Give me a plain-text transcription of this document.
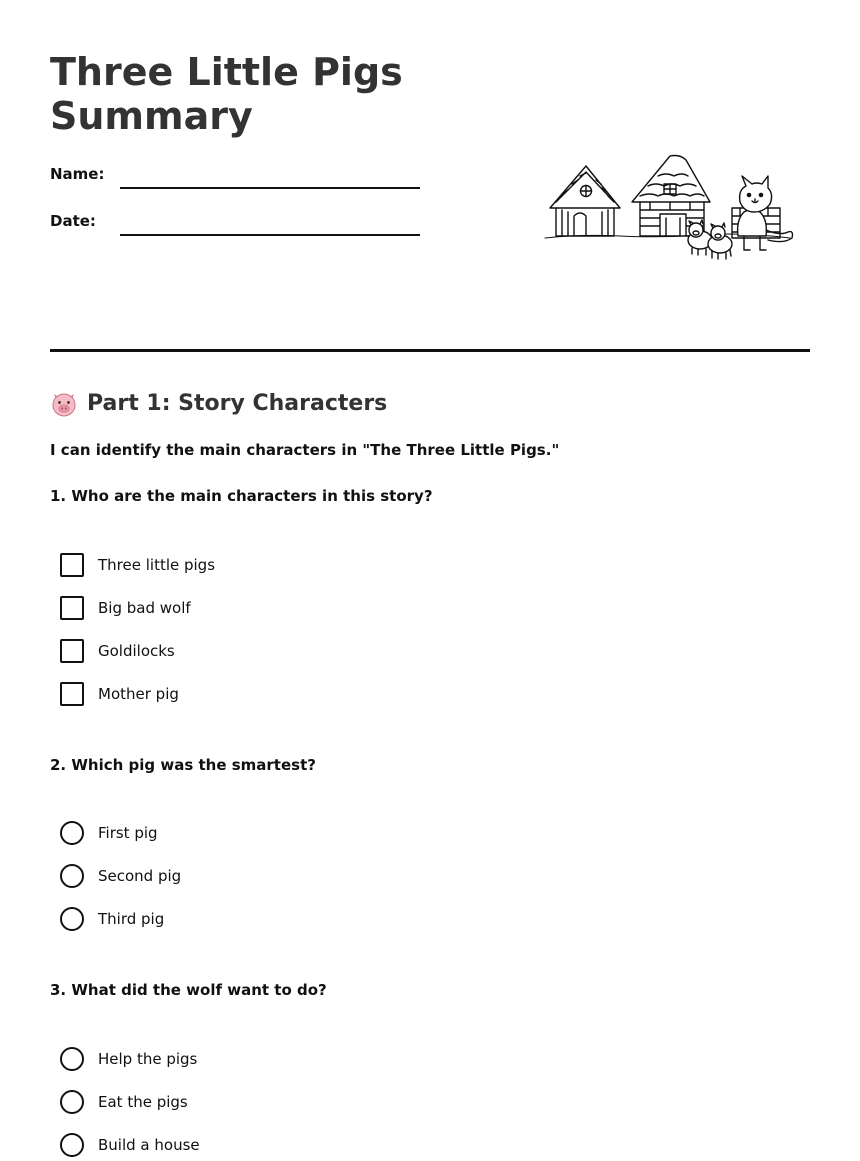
Three Little Pigs
Summary
Name:
Date:
Part 1: Story Characters
I can identify the main characters in "The Three Little Pigs."
1. Who are the main characters in this story?
Three little pigs
Big bad wolf
Goldilocks
Mother pig
2. Which pig was the smartest?
First pig
Second pig
Third pig
3. What did the wolf want to do?
Help the pigs
Eat the pigs
Build a house
